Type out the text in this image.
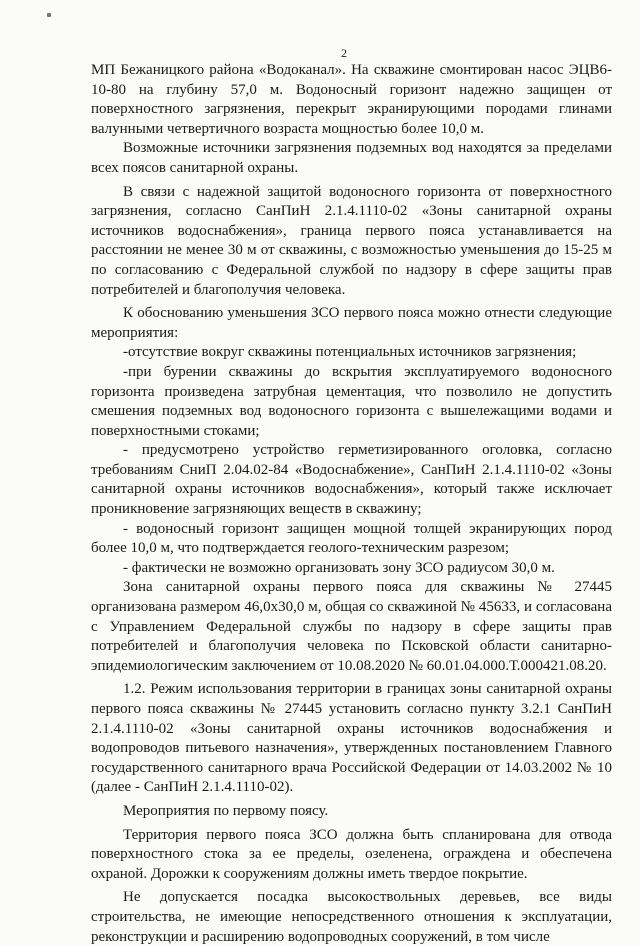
2

МП Бежаницкого района «Водоканал». На скважине смонтирован насос ЭЦВ6-10-80 на глубину 57,0 м. Водоносный горизонт надежно защищен от поверхностного загрязнения, перекрыт экранирующими породами глинами валунными четвертичного возраста мощностью более 10,0 м.

Возможные источники загрязнения подземных вод находятся за пределами всех поясов санитарной охраны.

В связи с надежной защитой водоносного горизонта от поверхностного загрязнения, согласно СанПиН 2.1.4.1110-02 «Зоны санитарной охраны источников водоснабжения», граница первого пояса устанавливается на расстоянии не менее 30 м от скважины, с возможностью уменьшения до 15-25 м по согласованию с Федеральной службой по надзору в сфере защиты прав потребителей и благополучия человека.

К обоснованию уменьшения ЗСО первого пояса можно отнести следующие мероприятия:

-отсутствие вокруг скважины потенциальных источников загрязнения;

-при бурении скважины до вскрытия эксплуатируемого водоносного горизонта произведена затрубная цементация, что позволило не допустить смешения подземных вод водоносного горизонта с вышележащими водами и поверхностными стоками;

- предусмотрено устройство герметизированного оголовка, согласно требованиям СниП 2.04.02-84 «Водоснабжение», СанПиН 2.1.4.1110-02 «Зоны санитарной охраны источников водоснабжения», который также исключает проникновение загрязняющих веществ в скважину;

- водоносный горизонт защищен мощной толщей экранирующих пород более 10,0 м, что подтверждается геолого-техническим разрезом;

- фактически не возможно организовать зону ЗСО радиусом 30,0 м.

Зона санитарной охраны первого пояса для скважины № 27445 организована размером 46,0х30,0 м, общая со скважиной № 45633, и согласована с Управлением Федеральной службы по надзору в сфере защиты прав потребителей и благополучия человека по Псковской области санитарно-эпидемиологическим заключением от 10.08.2020 № 60.01.04.000.Т.000421.08.20.

1.2. Режим использования территории в границах зоны санитарной охраны первого пояса скважины № 27445 установить согласно пункту 3.2.1 СанПиН 2.1.4.1110-02 «Зоны санитарной охраны источников водоснабжения и водопроводов питьевого назначения», утвержденных постановлением Главного государственного санитарного врача Российской Федерации от 14.03.2002 № 10 (далее - СанПиН 2.1.4.1110-02).

Мероприятия по первому поясу.

Территория первого пояса ЗСО должна быть спланирована для отвода поверхностного стока за ее пределы, озеленена, ограждена и обеспечена охраной. Дорожки к сооружениям должны иметь твердое покрытие.

Не допускается посадка высокоствольных деревьев, все виды строительства, не имеющие непосредственного отношения к эксплуатации, реконструкции и расширению водопроводных сооружений, в том числе
